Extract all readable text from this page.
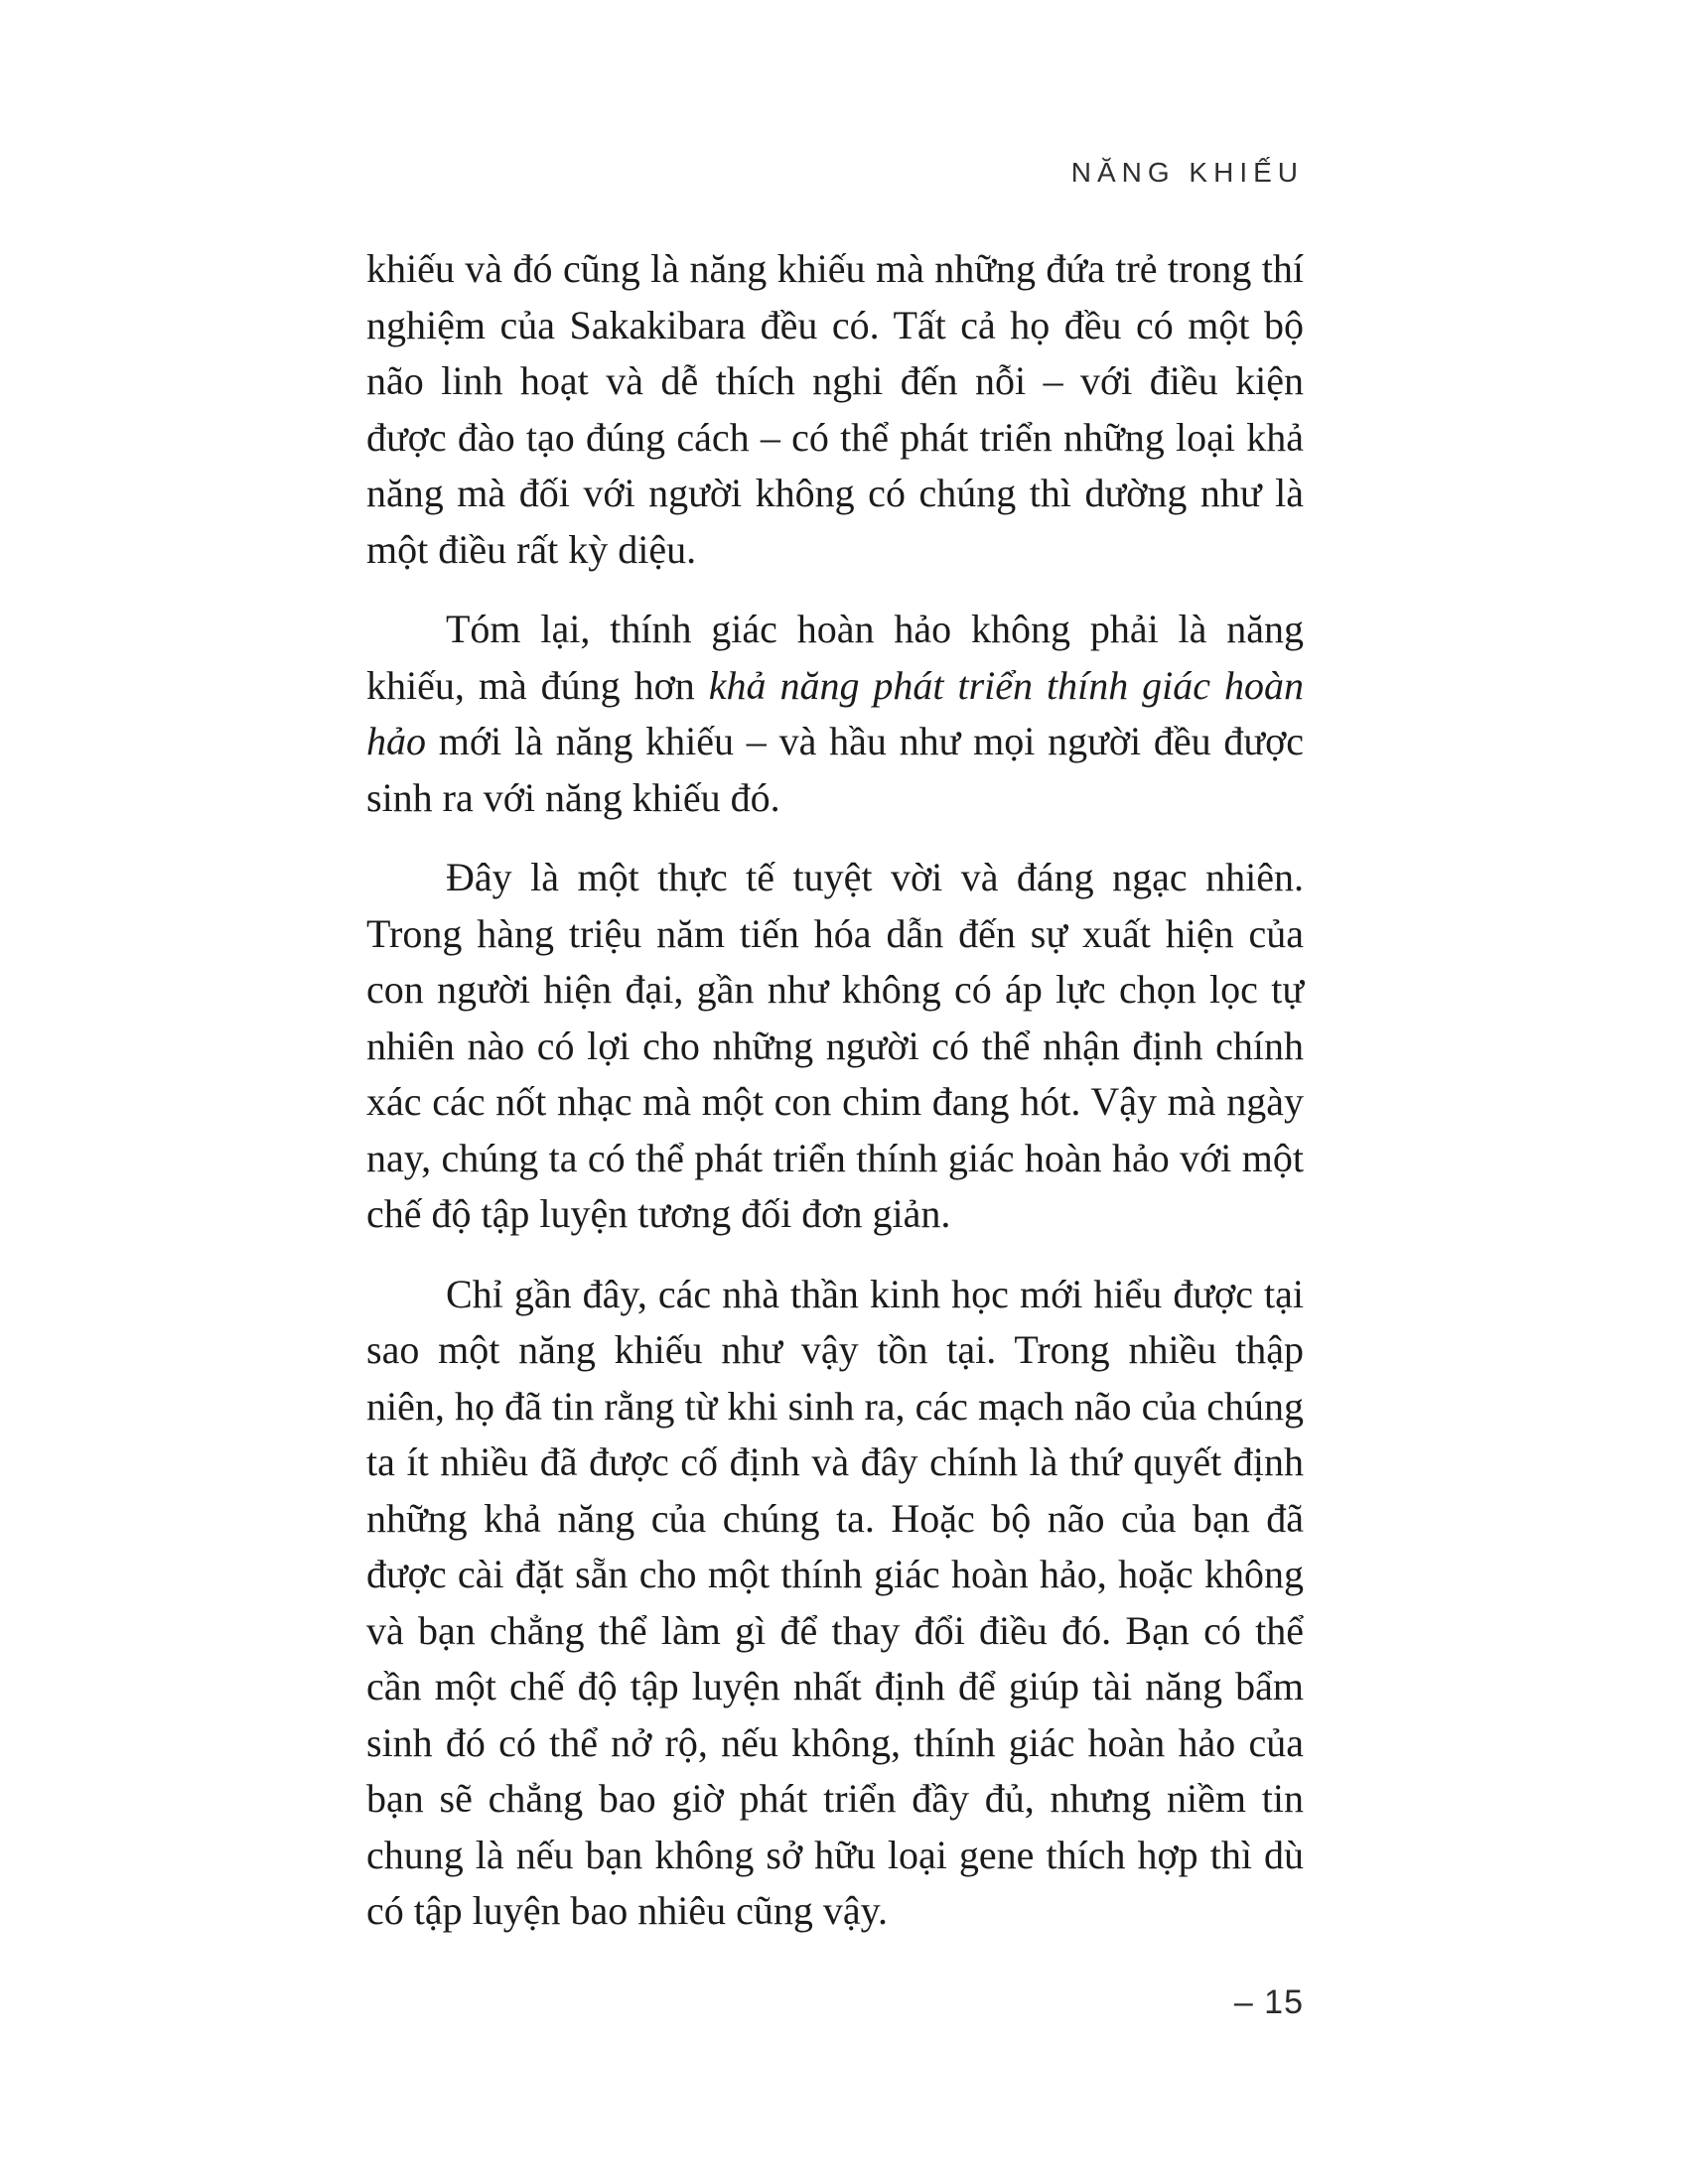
NĂNG KHIẾU

khiếu và đó cũng là năng khiếu mà những đứa trẻ trong thí nghiệm của Sakakibara đều có. Tất cả họ đều có một bộ não linh hoạt và dễ thích nghi đến nỗi – với điều kiện được đào tạo đúng cách – có thể phát triển những loại khả năng mà đối với người không có chúng thì dường như là một điều rất kỳ diệu.

Tóm lại, thính giác hoàn hảo không phải là năng khiếu, mà đúng hơn khả năng phát triển thính giác hoàn hảo mới là năng khiếu – và hầu như mọi người đều được sinh ra với năng khiếu đó.

Đây là một thực tế tuyệt vời và đáng ngạc nhiên. Trong hàng triệu năm tiến hóa dẫn đến sự xuất hiện của con người hiện đại, gần như không có áp lực chọn lọc tự nhiên nào có lợi cho những người có thể nhận định chính xác các nốt nhạc mà một con chim đang hót. Vậy mà ngày nay, chúng ta có thể phát triển thính giác hoàn hảo với một chế độ tập luyện tương đối đơn giản.

Chỉ gần đây, các nhà thần kinh học mới hiểu được tại sao một năng khiếu như vậy tồn tại. Trong nhiều thập niên, họ đã tin rằng từ khi sinh ra, các mạch não của chúng ta ít nhiều đã được cố định và đây chính là thứ quyết định những khả năng của chúng ta. Hoặc bộ não của bạn đã được cài đặt sẵn cho một thính giác hoàn hảo, hoặc không và bạn chẳng thể làm gì để thay đổi điều đó. Bạn có thể cần một chế độ tập luyện nhất định để giúp tài năng bẩm sinh đó có thể nở rộ, nếu không, thính giác hoàn hảo của bạn sẽ chẳng bao giờ phát triển đầy đủ, nhưng niềm tin chung là nếu bạn không sở hữu loại gene thích hợp thì dù có tập luyện bao nhiêu cũng vậy.

– 15
